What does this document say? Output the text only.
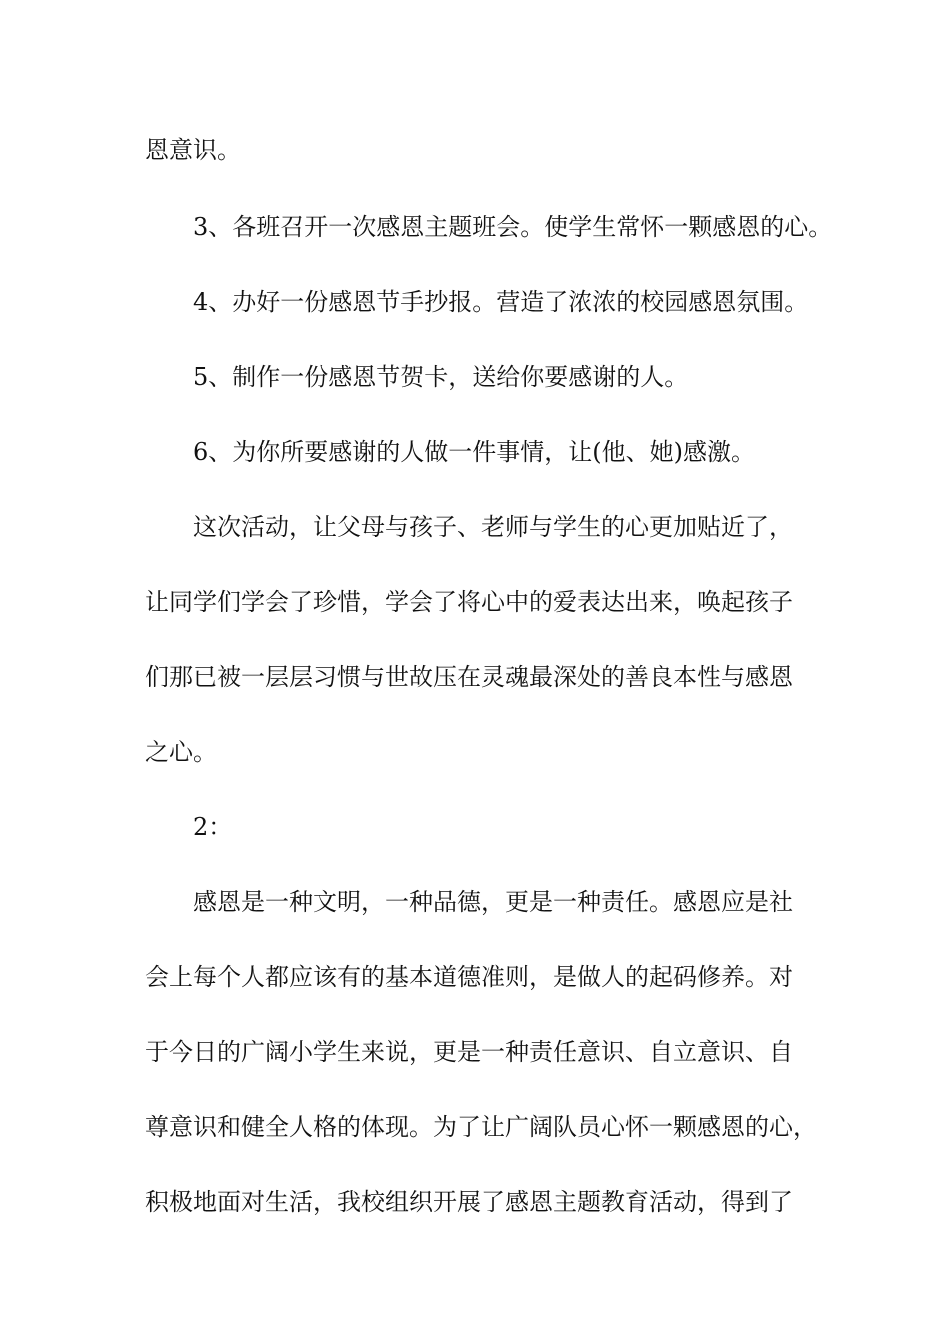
恩意识。
3、各班召开一次感恩主题班会。使学生常怀一颗感恩的心。
4、办好一份感恩节手抄报。营造了浓浓的校园感恩氛围。
5、制作一份感恩节贺卡，送给你要感谢的人。
6、为你所要感谢的人做一件事情，让(他、她)感激。
这次活动，让父母与孩子、老师与学生的心更加贴近了，
让同学们学会了珍惜，学会了将心中的爱表达出来，唤起孩子
们那已被一层层习惯与世故压在灵魂最深处的善良本性与感恩
之心。
2：
感恩是一种文明，一种品德，更是一种责任。感恩应是社
会上每个人都应该有的基本道德准则，是做人的起码修养。对
于今日的广阔小学生来说，更是一种责任意识、自立意识、自
尊意识和健全人格的体现。为了让广阔队员心怀一颗感恩的心，
积极地面对生活，我校组织开展了感恩主题教育活动，得到了
